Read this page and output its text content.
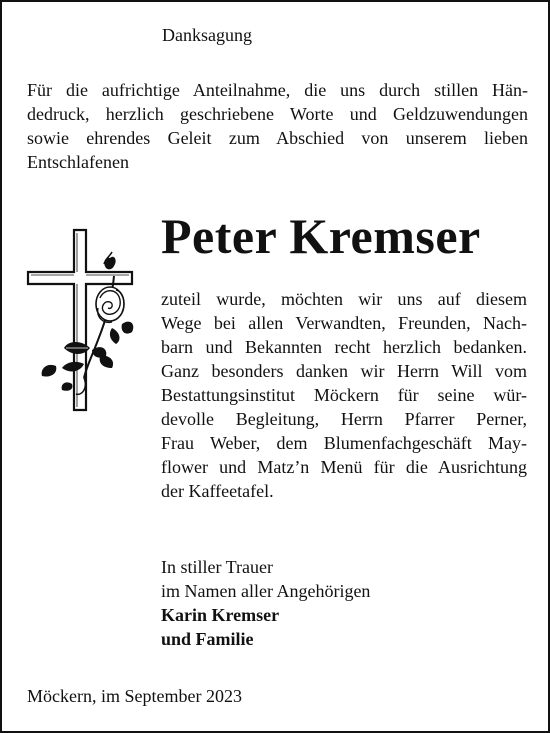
Danksagung
Für die aufrichtige Anteilnahme, die uns durch stillen Hän-
dedruck, herzlich geschriebene Worte und Geldzuwendungen
sowie ehrendes Geleit zum Abschied von unserem lieben
Entschlafenen
Peter Kremser
zuteil wurde, möchten wir uns auf diesem
Wege bei allen Verwandten, Freunden, Nach-
barn und Bekannten recht herzlich bedanken.
Ganz besonders danken wir Herrn Will vom
Bestattungsinstitut Möckern für seine wür-
devolle Begleitung, Herrn Pfarrer Perner,
Frau Weber, dem Blumenfachgeschäft May-
flower und Matz’n Menü für die Ausrichtung
der Kaffeetafel.
In stiller Trauer
im Namen aller Angehörigen
Karin Kremser
und Familie
Möckern, im September 2023
